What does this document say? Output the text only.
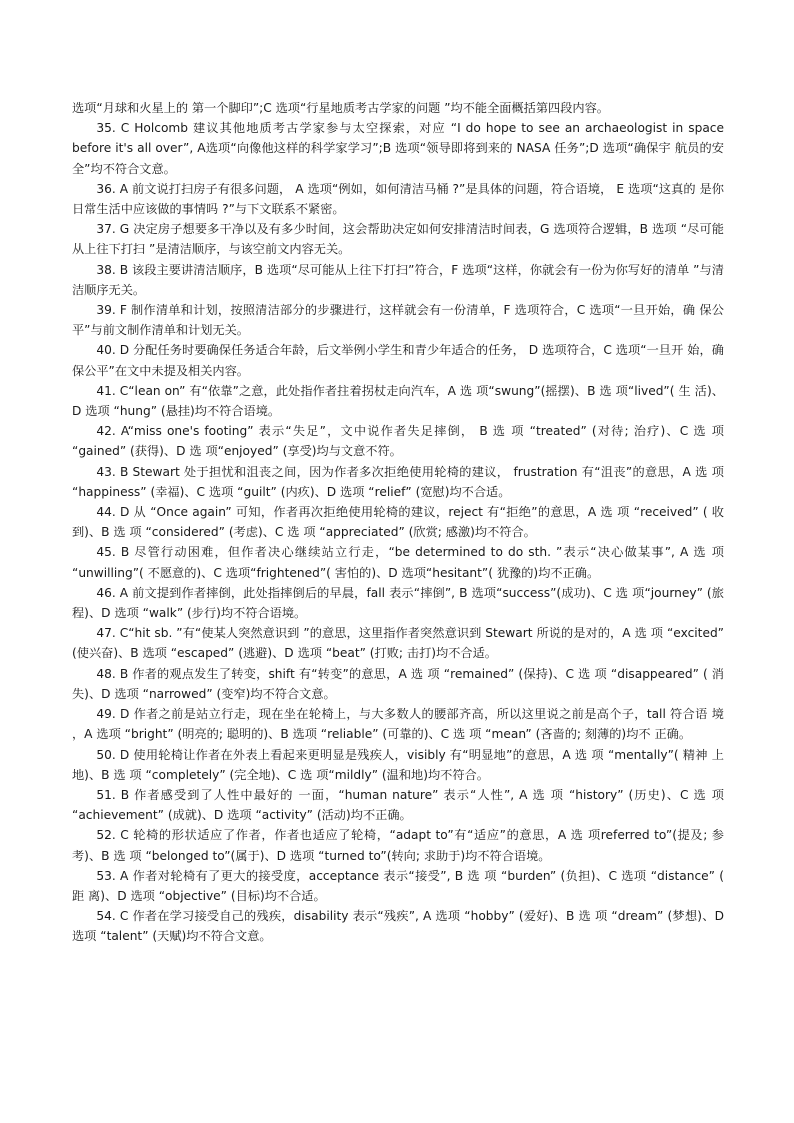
选项“月球和火星上的 第一个脚印”;C 选项“行星地质考古学家的问题 ”均不能全面概括第四段内容。

35. C Holcomb 建议其他地质考古学家参与太空探索，对应 “I do hope to see an archaeologist in space before it's all over”, A选项“向像他这样的科学家学习”;B 选项“领导即将到来的 NASA 任务”;D 选项“确保宇 航员的安全”均不符合文意。

36. A 前文说打扫房子有很多问题， A 选项“例如，如何清洁马桶 ?”是具体的问题，符合语境， E 选项“这真的 是你日常生活中应该做的事情吗 ?”与下文联系不紧密。

37. G 决定房子想要多干净以及有多少时间，这会帮助决定如何安排清洁时间表，G 选项符合逻辑，B 选项 “尽可能从上往下打扫 ”是清洁顺序，与该空前文内容无关。

38. B 该段主要讲清洁顺序，B 选项“尽可能从上往下打扫”符合，F 选项“这样，你就会有一份为你写好的清单 ”与清洁顺序无关。

39. F 制作清单和计划，按照清洁部分的步骤进行，这样就会有一份清单，F 选项符合，C 选项“一旦开始，确 保公平”与前文制作清单和计划无关。

40. D 分配任务时要确保任务适合年龄，后文举例小学生和青少年适合的任务， D 选项符合，C 选项“一旦开 始，确保公平”在文中未提及相关内容。

41. C“lean on” 有“依靠”之意，此处指作者拄着拐杖走向汽车，A 选 项“swung”(摇摆)、B 选 项“lived”( 生 活)、D 选项 “hung” (悬挂)均不符合语境。

42. A“miss one's footing” 表示“失足”，文中说作者失足摔倒， B 选 项 “treated” (对待; 治疗)、C 选 项 “gained” (获得)、D 选 项“enjoyed” (享受)均与文意不符。

43. B Stewart 处于担忧和沮丧之间，因为作者多次拒绝使用轮椅的建议， frustration 有“沮丧”的意思，A 选 项 “happiness” (幸福)、C 选项 “guilt” (内疚)、D 选项 “relief” (宽慰)均不合适。

44. D 从 “Once again” 可知，作者再次拒绝使用轮椅的建议，reject 有“拒绝”的意思，A 选 项 “received” ( 收 到)、B 选 项 “considered” (考虑)、C 选 项 “appreciated” (欣赏; 感激)均不符合。

45. B 尽管行动困难，但作者决心继续站立行走，“be determined to do sth. ”表示“决心做某事”, A 选 项 “unwilling”( 不愿意的)、C 选项“frightened”( 害怕的)、D 选项“hesitant”( 犹豫的)均不正确。

46. A 前文提到作者摔倒，此处指摔倒后的早晨，fall 表示“摔倒”, B 选项“success”(成功)、C 选 项“journey” (旅程)、D 选项 “walk” (步行)均不符合语境。

47. C“hit sb. ”有“使某人突然意识到 ”的意思，这里指作者突然意识到 Stewart 所说的是对的，A 选 项 “excited” (使兴奋)、B 选项 “escaped” (逃避)、D 选项 “beat” (打败; 击打)均不合适。

48. B 作者的观点发生了转变，shift 有“转变”的意思，A 选 项 “remained” (保持)、C 选 项 “disappeared” ( 消 失)、D 选项 “narrowed” (变窄)均不符合文意。

49. D 作者之前是站立行走，现在坐在轮椅上，与大多数人的腰部齐高，所以这里说之前是高个子，tall 符合语 境 ，A 选项 “bright” (明亮的; 聪明的)、B 选项 “reliable” (可靠的)、C 选 项 “mean” (吝啬的; 刻薄的)均不 正确。

50. D 使用轮椅让作者在外表上看起来更明显是残疾人，visibly 有“明显地”的意思，A 选 项 “mentally”( 精神 上地)、B 选 项 “completely” (完全地)、C 选 项“mildly” (温和地)均不符合。

51. B 作者感受到了人性中最好的 一面，“human nature” 表示“人性”, A 选 项 “history” (历史)、C 选 项 “achievement” (成就)、D 选项 “activity” (活动)均不正确。

52. C 轮椅的形状适应了作者，作者也适应了轮椅，“adapt to”有“适应”的意思，A 选 项referred to”(提及; 参考)、B 选 项 “belonged to”(属于)、D 选项 “turned to”(转向; 求助于)均不符合语境。

53. A 作者对轮椅有了更大的接受度，acceptance 表示“接受”, B 选 项 “burden” (负担)、C 选项 “distance” ( 距 离)、D 选项 “objective” (目标)均不合适。

54. C 作者在学习接受自己的残疾，disability 表示“残疾”, A 选项 “hobby” (爱好)、B 选 项 “dream” (梦想)、D 选项 “talent” (天赋)均不符合文意。
